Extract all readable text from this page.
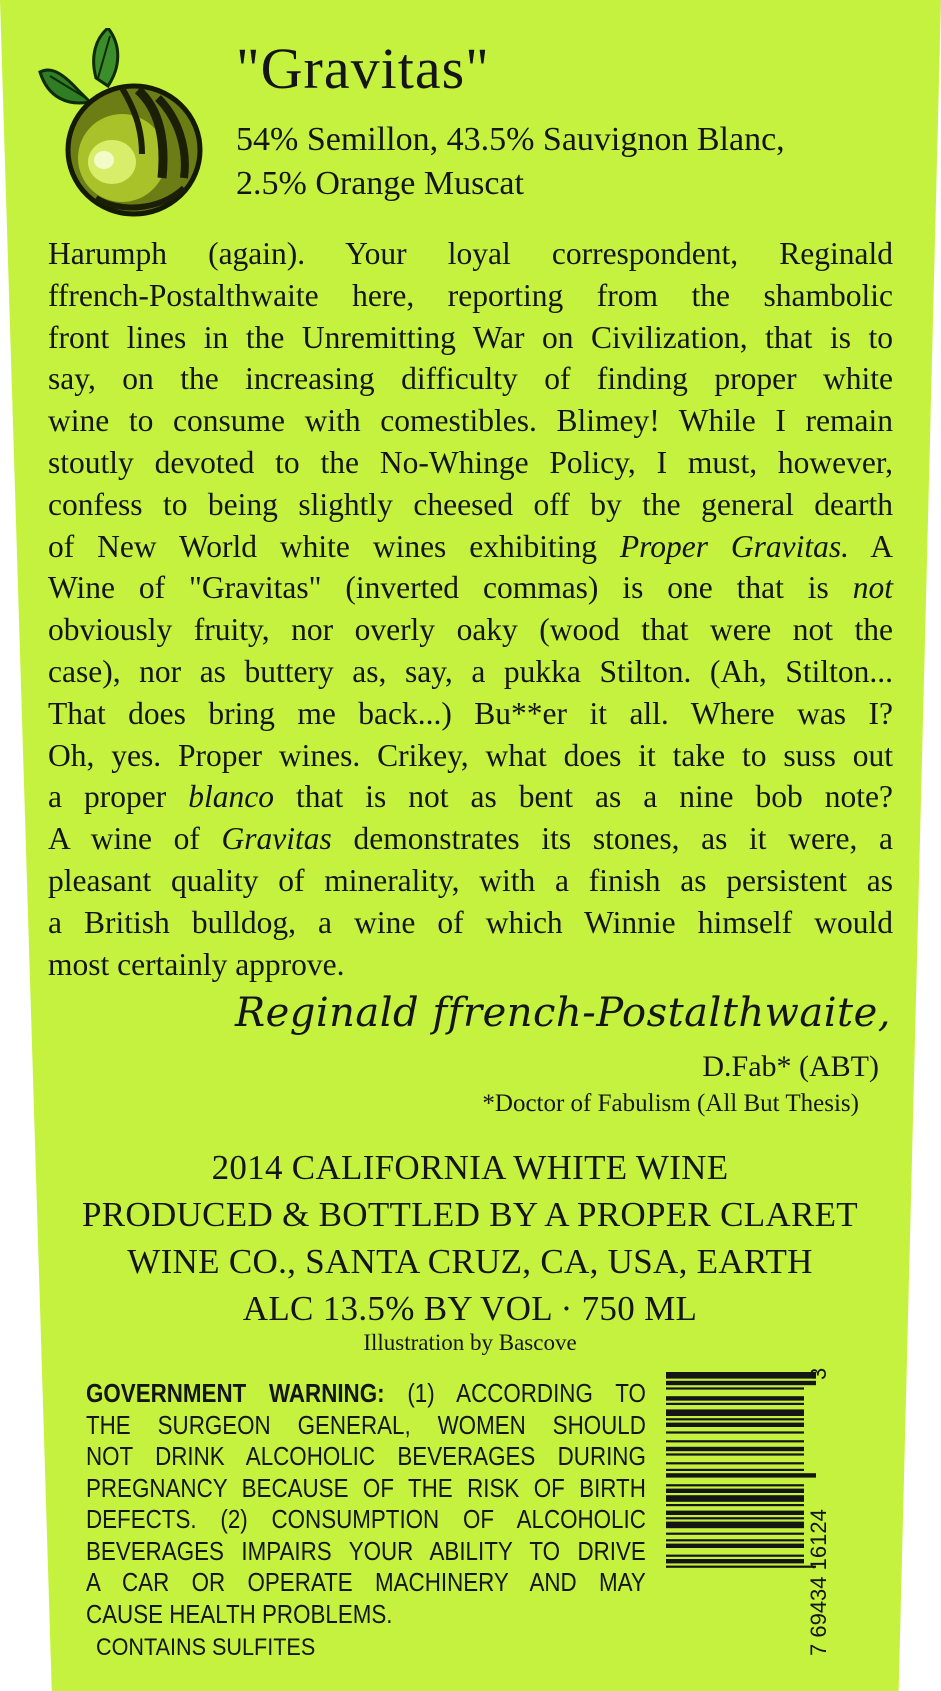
"Gravitas"
54% Semillon, 43.5% Sauvignon Blanc,
2.5% Orange Muscat
Harumph (again). Your loyal correspondent, Reginald
ffrench-Postalthwaite here, reporting from the shambolic
front lines in the Unremitting War on Civilization, that is to
say, on the increasing difficulty of finding proper white
wine to consume with comestibles. Blimey! While I remain
stoutly devoted to the No-Whinge Policy, I must, however,
confess to being slightly cheesed off by the general dearth
of New World white wines exhibiting Proper Gravitas. A
Wine of "Gravitas" (inverted commas) is one that is not
obviously fruity, nor overly oaky (wood that were not the
case), nor as buttery as, say, a pukka Stilton. (Ah, Stilton...
That does bring me back...) Bu**er it all. Where was I?
Oh, yes. Proper wines. Crikey, what does it take to suss out
a proper blanco that is not as bent as a nine bob note?
A wine of Gravitas demonstrates its stones, as it were, a
pleasant quality of minerality, with a finish as persistent as
a British bulldog, a wine of which Winnie himself would
most certainly approve.
Reginald ffrench-Postalthwaite,
D.Fab* (ABT)
*Doctor of Fabulism (All But Thesis)
2014 CALIFORNIA WHITE WINE
PRODUCED & BOTTLED BY A PROPER CLARET
WINE CO., SANTA CRUZ, CA, USA, EARTH
ALC 13.5% BY VOL · 750 ML
Illustration by Bascove
GOVERNMENT WARNING: (1) ACCORDING TO
THE SURGEON GENERAL, WOMEN SHOULD
NOT DRINK ALCOHOLIC BEVERAGES DURING
PREGNANCY BECAUSE OF THE RISK OF BIRTH
DEFECTS. (2) CONSUMPTION OF ALCOHOLIC
BEVERAGES IMPAIRS YOUR ABILITY TO DRIVE
A CAR OR OPERATE MACHINERY AND MAY
CAUSE HEALTH PROBLEMS.
CONTAINS SULFITES	7 69434 16124
3
